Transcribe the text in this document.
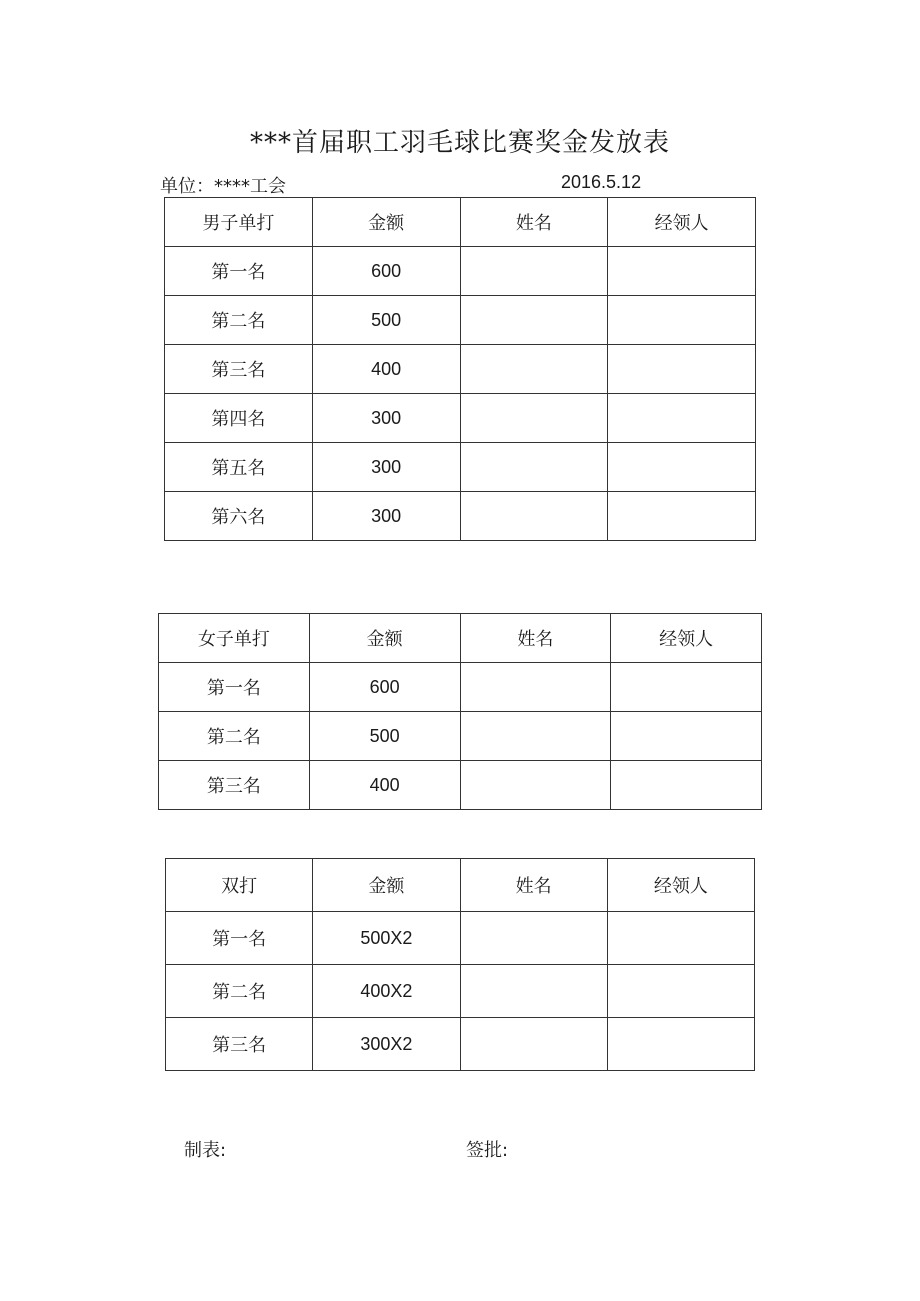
***首届职工羽毛球比赛奖金发放表
单位：****工会	2016.5.12
男子单打	金额	姓名	经领人
第一名	600		
第二名	500		
第三名	400		
第四名	300		
第五名	300		
第六名	300		
女子单打	金额	姓名	经领人
第一名	600		
第二名	500		
第三名	400		
双打	金额	姓名	经领人
第一名	500X2		
第二名	400X2		
第三名	300X2		
制表:	签批:
